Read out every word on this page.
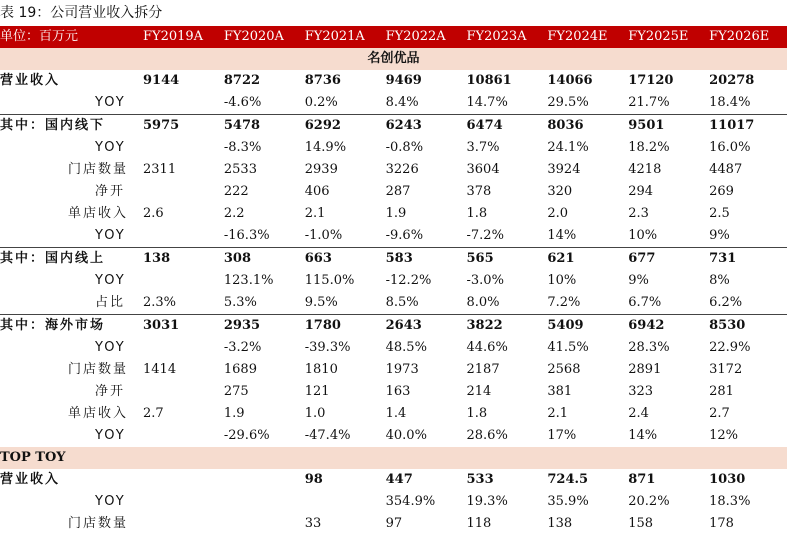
表 19：公司营业收入拆分
单位：百万元	FY2019A	FY2020A	FY2021A	FY2022A	FY2023A	FY2024E	FY2025E	FY2026E
名创优品								
营业收入	9144	8722	8736	9469	10861	14066	17120	20278
YOY		-4.6%	0.2%	8.4%	14.7%	29.5%	21.7%	18.4%
其中：国内线下	5975	5478	6292	6243	6474	8036	9501	11017
YOY		-8.3%	14.9%	-0.8%	3.7%	24.1%	18.2%	16.0%
门店数量	2311	2533	2939	3226	3604	3924	4218	4487
净开		222	406	287	378	320	294	269
单店收入	2.6	2.2	2.1	1.9	1.8	2.0	2.3	2.5
YOY		-16.3%	-1.0%	-9.6%	-7.2%	14%	10%	9%
其中：国内线上	138	308	663	583	565	621	677	731
YOY		123.1%	115.0%	-12.2%	-3.0%	10%	9%	8%
占比	2.3%	5.3%	9.5%	8.5%	8.0%	7.2%	6.7%	6.2%
其中：海外市场	3031	2935	1780	2643	3822	5409	6942	8530
YOY		-3.2%	-39.3%	48.5%	44.6%	41.5%	28.3%	22.9%
门店数量	1414	1689	1810	1973	2187	2568	2891	3172
净开		275	121	163	214	381	323	281
单店收入	2.7	1.9	1.0	1.4	1.8	2.1	2.4	2.7
YOY		-29.6%	-47.4%	40.0%	28.6%	17%	14%	12%
TOP TOY								
营业收入			98	447	533	724.5	871	1030
YOY				354.9%	19.3%	35.9%	20.2%	18.3%
门店数量			33	97	118	138	158	178
